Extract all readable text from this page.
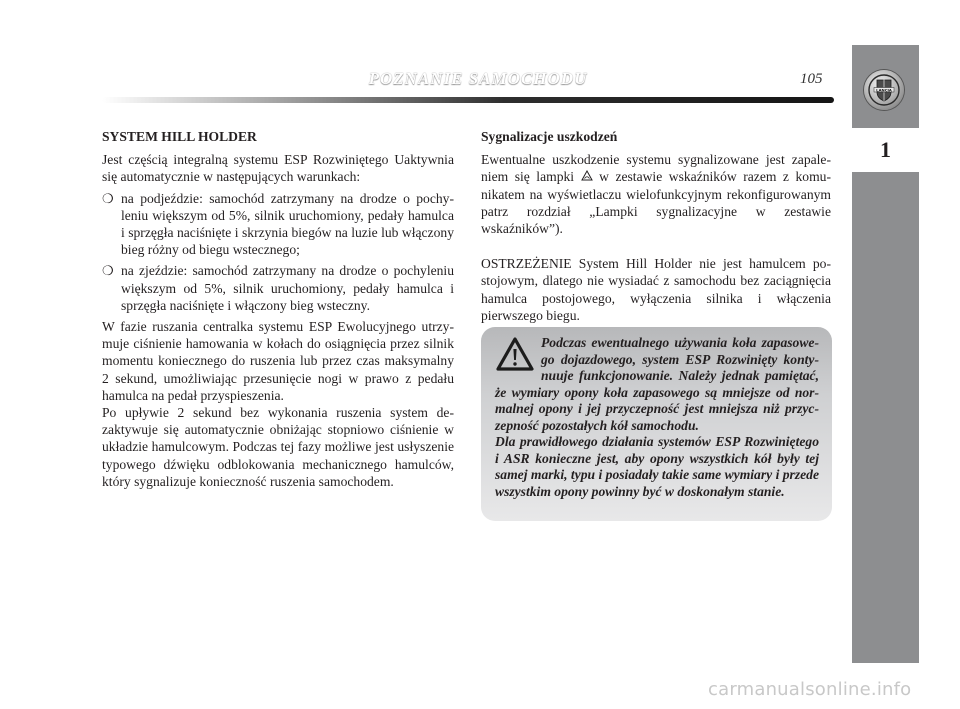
POZNANIE SAMOCHODU	105
LANCIA
1
SYSTEM HILL HOLDER

Jest częścią integralną systemu ESP Rozwiniętego Uaktywnia się automatycznie w następujących warunkach:

❍ na podjeździe: samochód zatrzymany na drodze o pochyleniu większym od 5%, silnik uruchomiony, pedały hamulca i sprzęgła naciśnięte i skrzynia biegów na luzie lub włączony bieg różny od biegu wstecznego;
❍ na zjeździe: samochód zatrzymany na drodze o pochyleniu większym od 5%, silnik uruchomiony, pedały hamulca i sprzęgła naciśnięte i włączony bieg wsteczny.

W fazie ruszania centralka systemu ESP Ewolucyjnego utrzymuje ciśnienie hamowania w kołach do osiągnięcia przez silnik momentu koniecznego do ruszenia lub przez czas maksymalny 2 sekund, umożliwiając przesunięcie nogi w prawo z pedału hamulca na pedał przyspieszenia.

Po upływie 2 sekund bez wykonania ruszenia system dezaktywuje się automatycznie obniżając stopniowo ciśnienie w układzie hamulcowym. Podczas tej fazy możliwe jest usłyszenie typowego dźwięku odblokowania mechanicznego hamulców, który sygnalizuje konieczność ruszenia samochodem.

Sygnalizacje uszkodzeń

Ewentualne uszkodzenie systemu sygnalizowane jest zapaleniem się lampki w zestawie wskaźników razem z komunikatem na wyświetlaczu wielofunkcyjnym rekonfigurowanym patrz rozdział „Lampki sygnalizacyjne w zestawie wskaźników”).

OSTRZEŻENIE System Hill Holder nie jest hamulcem postojowym, dlatego nie wysiadać z samochodu bez zaciągnięcia hamulca postojowego, wyłączenia silnika i włączenia pierwszego biegu.

Podczas ewentualnego używania koła zapasowego dojazdowego, system ESP Rozwinięty kontynuuje funkcjonowanie. Należy jednak pamiętać, że wymiary opony koła zapasowego są mniejsze od normalnej opony i jej przyczepność jest mniejsza niż przyczepność pozostałych kół samochodu.
Dla prawidłowego działania systemów ESP Rozwiniętego i ASR konieczne jest, aby opony wszystkich kół były tej samej marki, typu i posiadały takie same wymiary i przede wszystkim opony powinny być w doskonałym stanie.

carmanualsonline.info
